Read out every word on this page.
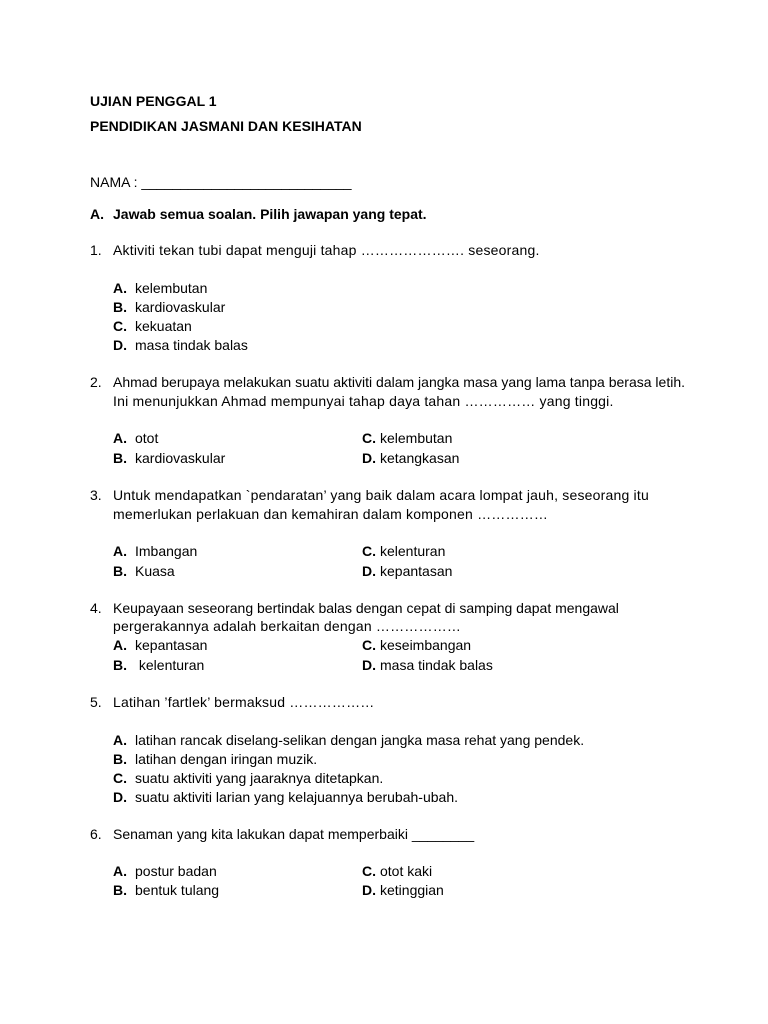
UJIAN PENGGAL 1
PENDIDIKAN JASMANI DAN KESIHATAN
NAMA : ___________________________
A. Jawab semua soalan. Pilih jawapan yang tepat.
1. Aktiviti tekan tubi dapat menguji tahap …………………. seseorang.
A. kelembutan
B. kardiovaskular
C. kekuatan
D. masa tindak balas
2. Ahmad berupaya melakukan suatu aktiviti dalam jangka masa yang lama tanpa berasa letih.
Ini menunjukkan Ahmad mempunyai tahap daya tahan …………… yang tinggi.
A. otot
B. kardiovaskular
C. kelembutan
D. ketangkasan
3. Untuk mendapatkan `pendaratan’ yang baik dalam acara lompat jauh, seseorang itu
memerlukan perlakuan dan kemahiran dalam komponen ……………
A. Imbangan
B. Kuasa
C. kelenturan
D. kepantasan
4. Keupayaan seseorang bertindak balas dengan cepat di samping dapat mengawal
pergerakannya adalah berkaitan dengan ………………
A. kepantasan
B. kelenturan
C. keseimbangan
D. masa tindak balas
5. Latihan ’fartlek’ bermaksud ………………
A. latihan rancak diselang-selikan dengan jangka masa rehat yang pendek.
B. latihan dengan iringan muzik.
C. suatu aktiviti yang jaaraknya ditetapkan.
D. suatu aktiviti larian yang kelajuannya berubah-ubah.
6. Senaman yang kita lakukan dapat memperbaiki ________
A. postur badan
B. bentuk tulang
C. otot kaki
D. ketinggian
